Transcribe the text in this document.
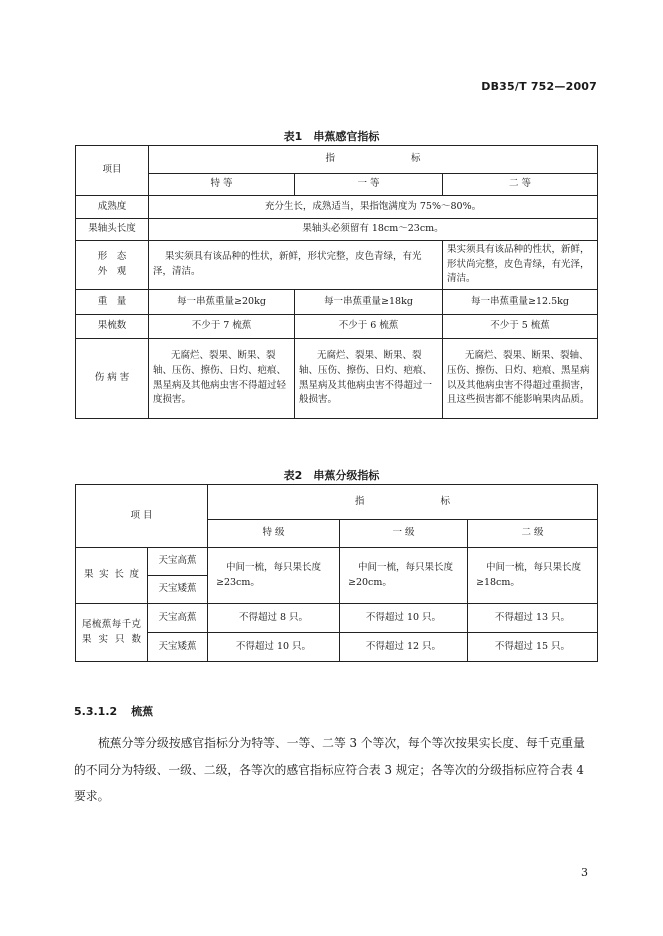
DB35/T 752—2007
表1　串蕉感官指标
项目	指　　　　　　　　标		
	特 等	一 等	二 等
成熟度	充分生长，成熟适当，果指饱满度为 75%～80%。		
果轴头长度	果轴头必须留有 18cm～23cm。		
形　态
外　观	果实须具有该品种的性状，新鲜，形状完整，皮色青绿，有光泽，清洁。		果实须具有该品种的性状，新鲜，形状尚完整，皮色青绿，有光泽，清洁。
重　量	每一串蕉重量≥20kg	每一串蕉重量≥18kg	每一串蕉重量≥12.5kg
果梳数	不少于 7 梳蕉	不少于 6 梳蕉	不少于 5 梳蕉
伤 病 害	无腐烂、裂果、断果、裂轴、压伤、擦伤、日灼、疤痕、黑星病及其他病虫害不得超过轻度损害。	无腐烂、裂果、断果、裂轴、压伤、擦伤、日灼、疤痕、黑星病及其他病虫害不得超过一般损害。	无腐烂、裂果、断果、裂轴、压伤、擦伤、日灼、疤痕、黑星病以及其他病虫害不得超过重损害，且这些损害都不能影响果肉品质。
表2　串蕉分级指标
项 目		指　　　　　　　　标		
		特 级	一 级	二 级
果 实 长 度	天宝高蕉	中间一梳，每只果长度≥23cm。	中间一梳，每只果长度≥20cm。	中间一梳，每只果长度≥18cm。
	天宝矮蕉			
尾梳蕉每千克果实只数	天宝高蕉	不得超过 8 只。	不得超过 10 只。	不得超过 13 只。
	天宝矮蕉	不得超过 10 只。	不得超过 12 只。	不得超过 15 只。
5.3.1.2 梳蕉

梳蕉分等分级按感官指标分为特等、一等、二等 3 个等次，每个等次按果实长度、每千克重量的不同分为特级、一级、二级，各等次的感官指标应符合表 3 规定；各等次的分级指标应符合表 4 要求。

3
